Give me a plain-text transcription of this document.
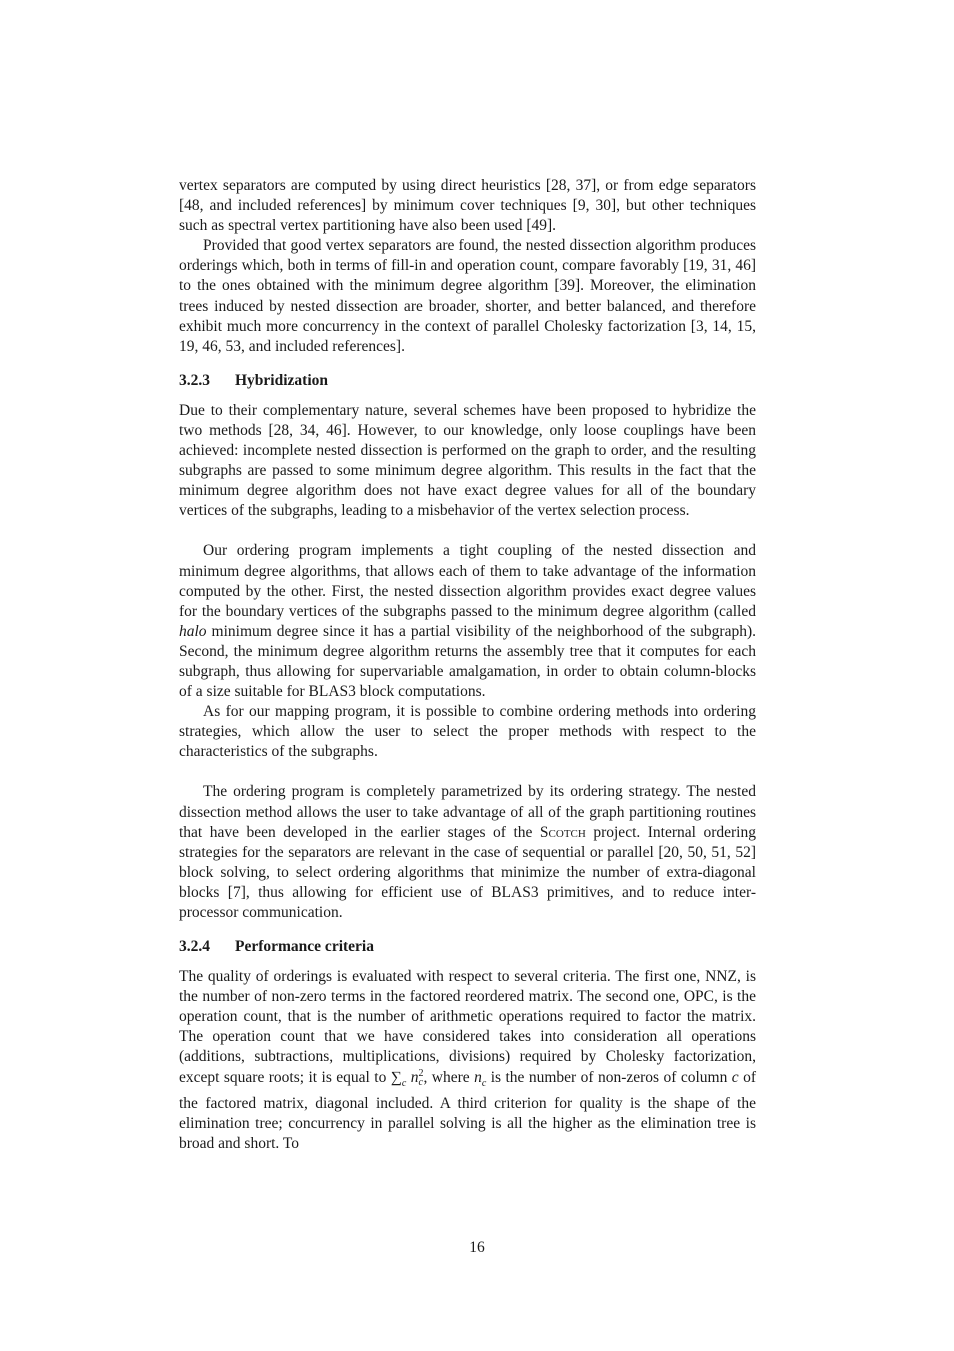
vertex separators are computed by using direct heuristics [28, 37], or from edge separators [48, and included references] by minimum cover techniques [9, 30], but other techniques such as spectral vertex partitioning have also been used [49].

Provided that good vertex separators are found, the nested dissection algorithm produces orderings which, both in terms of fill-in and operation count, compare favorably [19, 31, 46] to the ones obtained with the minimum degree algorithm [39]. Moreover, the elimination trees induced by nested dissection are broader, shorter, and better balanced, and therefore exhibit much more concurrency in the context of parallel Cholesky factorization [3, 14, 15, 19, 46, 53, and included references].

3.2.3 Hybridization

Due to their complementary nature, several schemes have been proposed to hybridize the two methods [28, 34, 46]. However, to our knowledge, only loose couplings have been achieved: incomplete nested dissection is performed on the graph to order, and the resulting subgraphs are passed to some minimum degree algorithm. This results in the fact that the minimum degree algorithm does not have exact degree values for all of the boundary vertices of the subgraphs, leading to a misbehavior of the vertex selection process.

Our ordering program implements a tight coupling of the nested dissection and minimum degree algorithms, that allows each of them to take advantage of the information computed by the other. First, the nested dissection algorithm provides exact degree values for the boundary vertices of the subgraphs passed to the minimum degree algorithm (called halo minimum degree since it has a partial visibility of the neighborhood of the subgraph). Second, the minimum degree algorithm returns the assembly tree that it computes for each subgraph, thus allowing for supervariable amalgamation, in order to obtain column-blocks of a size suitable for BLAS3 block computations.

As for our mapping program, it is possible to combine ordering methods into ordering strategies, which allow the user to select the proper methods with respect to the characteristics of the subgraphs.

The ordering program is completely parametrized by its ordering strategy. The nested dissection method allows the user to take advantage of all of the graph partitioning routines that have been developed in the earlier stages of the Scotch project. Internal ordering strategies for the separators are relevant in the case of sequential or parallel [20, 50, 51, 52] block solving, to select ordering algorithms that minimize the number of extra-diagonal blocks [7], thus allowing for efficient use of BLAS3 primitives, and to reduce inter-processor communication.

3.2.4 Performance criteria

The quality of orderings is evaluated with respect to several criteria. The first one, NNZ, is the number of non-zero terms in the factored reordered matrix. The second one, OPC, is the operation count, that is the number of arithmetic operations required to factor the matrix. The operation count that we have considered takes into consideration all operations (additions, subtractions, multiplications, divisions) required by Cholesky factorization, except square roots; it is equal to $\sum_c$ n 2
c , where $n_c$ is the number of non-zeros of column c of the factored matrix, diagonal included. A third criterion for quality is the shape of the elimination tree; concurrency in parallel solving is all the higher as the elimination tree is broad and short. To

16
